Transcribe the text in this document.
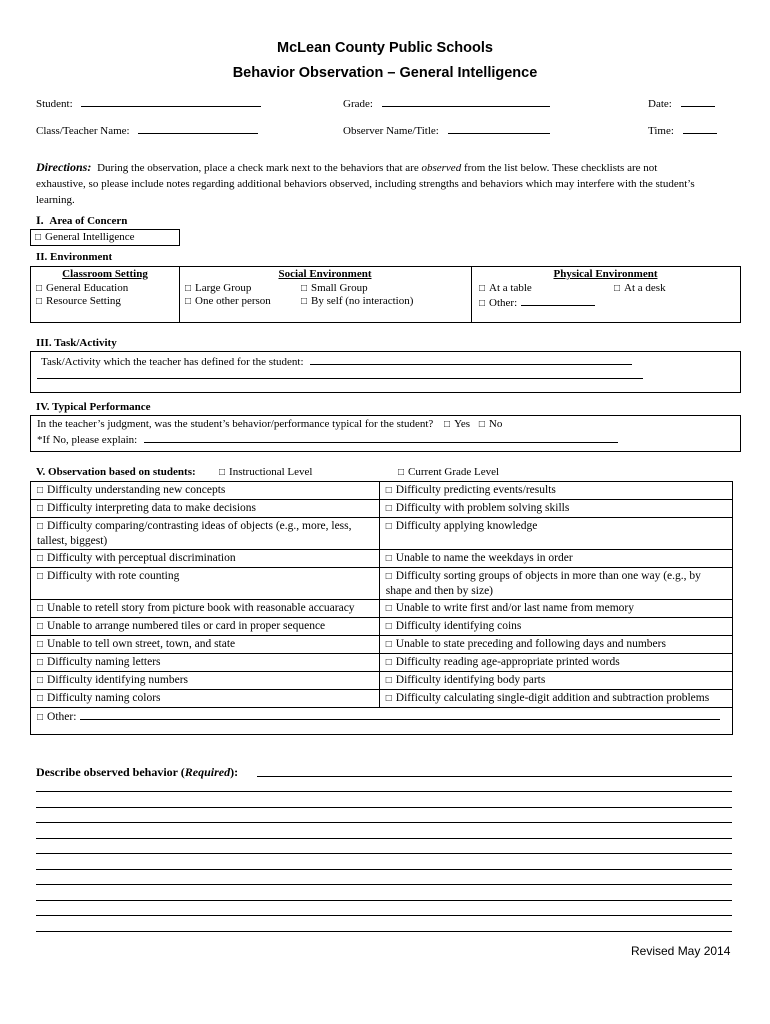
McLean County Public Schools
Behavior Observation – General Intelligence
Student:	Grade:	Date:
Class/Teacher Name:	Observer Name/Title:	Time:
Directions: During the observation, place a check mark next to the behaviors that are observed from the list below. These checklists are not
exhaustive, so please include notes regarding additional behaviors observed, including strengths and behaviors which may interfere with the student’s
learning.
I. Area of Concern
□ General Intelligence
II. Environment
Classroom Setting
□ General Education
□ Resource Setting
Social Environment
□ Large Group	□ Small Group
□ One other person	□ By self (no interaction)
Physical Environment
□ At a table	□ At a desk
□ Other:
III. Task/Activity
Task/Activity which the teacher has defined for the student:
IV. Typical Performance
In the teacher’s judgment, was the student’s behavior/performance typical for the student? □ Yes □ No
*If No, please explain:
V. Observation based on students: □ Instructional Level	□ Current Grade Level
□ Difficulty understanding new concepts	□ Difficulty predicting events/results
□ Difficulty interpreting data to make decisions	□ Difficulty with problem solving skills
□ Difficulty comparing/contrasting ideas of objects (e.g., more, less, tallest, biggest)	□ Difficulty applying knowledge
□ Difficulty with perceptual discrimination	□ Unable to name the weekdays in order
□ Difficulty with rote counting	□ Difficulty sorting groups of objects in more than one way (e.g., by shape and then by size)
□ Unable to retell story from picture book with reasonable accuaracy	□ Unable to write first and/or last name from memory
□ Unable to arrange numbered tiles or card in proper sequence	□ Difficulty identifying coins
□ Unable to tell own street, town, and state	□ Unable to state preceding and following days and numbers
□ Difficulty naming letters	□ Difficulty reading age-appropriate printed words
□ Difficulty identifying numbers	□ Difficulty identifying body parts
□ Difficulty naming colors	□ Difficulty calculating single-digit addition and subtraction problems
□ Other:	
Describe observed behavior (Required):
Revised May 2014
